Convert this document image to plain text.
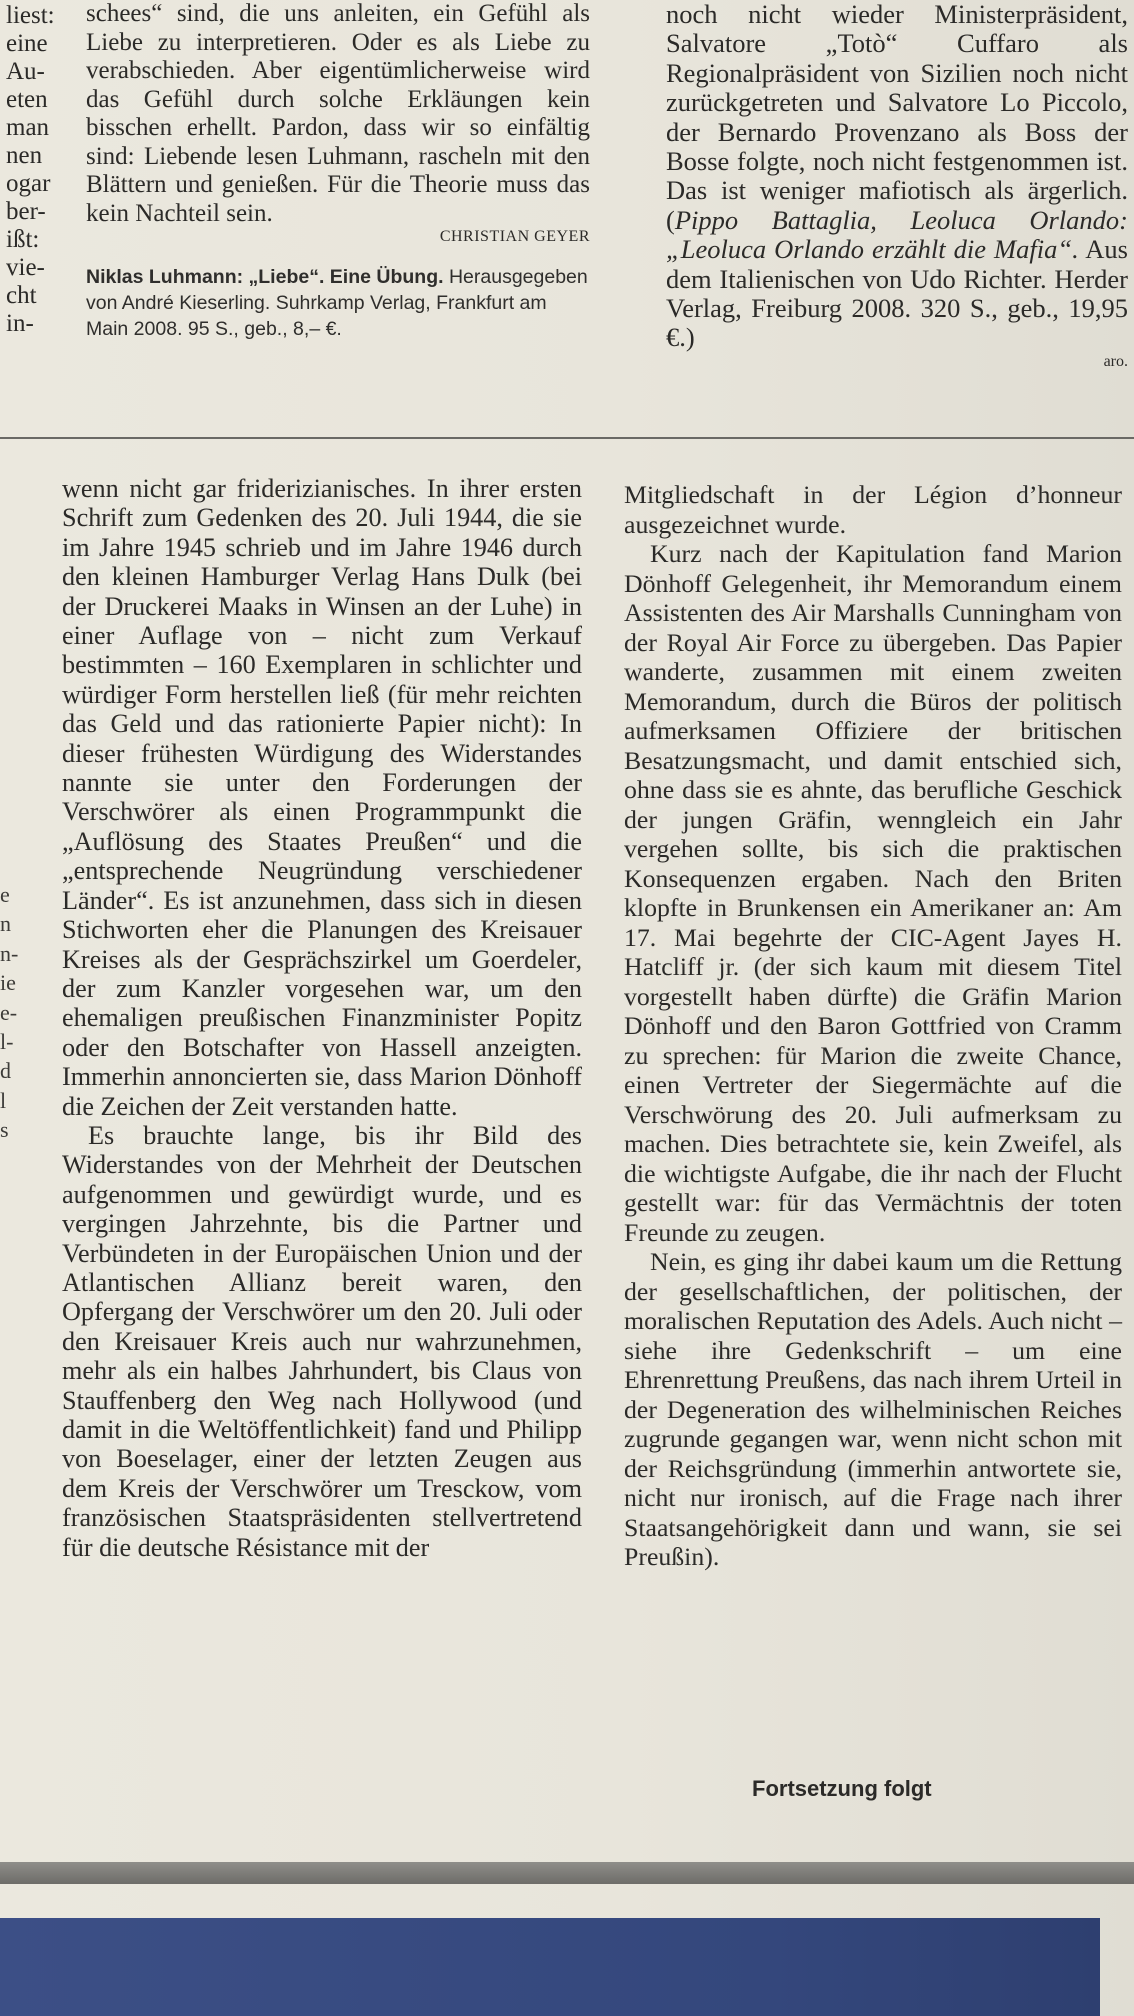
liest:
eine
Au-
eten
man
nen
ogar
ber-
ißt:
vie-
cht
in-

schees“ sind, die uns anleiten, ein Gefühl als Liebe zu interpretieren. Oder es als Liebe zu verabschieden. Aber eigentümlicherweise wird das Gefühl durch solche Erkläungen kein bisschen erhellt. Pardon, dass wir so einfältig sind: Liebende lesen Luhmann, rascheln mit den Blättern und genießen. Für die Theorie muss das kein Nachteil sein.

CHRISTIAN GEYER
Niklas Luhmann: „Liebe“. Eine Übung. Herausgegeben von André Kieserling. Suhrkamp Verlag, Frankfurt am Main 2008. 95 S., geb., 8,– €.

noch nicht wieder Ministerpräsident, Salvatore „Totò“ Cuffaro als Regionalpräsident von Sizilien noch nicht zurückgetreten und Salvatore Lo Piccolo, der Bernardo Provenzano als Boss der Bosse folgte, noch nicht festgenommen ist. Das ist weniger mafiotisch als ärgerlich. (Pippo Battaglia, Leoluca Orlando: „Leoluca Orlando erzählt die Mafia“. Aus dem Italienischen von Udo Richter. Herder Verlag, Freiburg 2008. 320 S., geb., 19,95 €.)

aro.
e
n
n-
ie
e-
l-
d
l
s

wenn nicht gar friderizianisches. In ihrer ersten Schrift zum Gedenken des 20. Juli 1944, die sie im Jahre 1945 schrieb und im Jahre 1946 durch den kleinen Hamburger Verlag Hans Dulk (bei der Druckerei Maaks in Winsen an der Luhe) in einer Auflage von – nicht zum Verkauf bestimmten – 160 Exemplaren in schlichter und würdiger Form herstellen ließ (für mehr reichten das Geld und das rationierte Papier nicht): In dieser frühesten Würdigung des Widerstandes nannte sie unter den Forderungen der Verschwörer als einen Programmpunkt die „Auflösung des Staates Preußen“ und die „entsprechende Neugründung verschiedener Länder“. Es ist anzunehmen, dass sich in diesen Stichworten eher die Planungen des Kreisauer Kreises als der Gesprächszirkel um Goerdeler, der zum Kanzler vorgesehen war, um den ehemaligen preußischen Finanzminister Popitz oder den Botschafter von Hassell anzeigten. Immerhin annoncierten sie, dass Marion Dönhoff die Zeichen der Zeit verstanden hatte.

Es brauchte lange, bis ihr Bild des Widerstandes von der Mehrheit der Deutschen aufgenommen und gewürdigt wurde, und es vergingen Jahrzehnte, bis die Partner und Verbündeten in der Europäischen Union und der Atlantischen Allianz bereit waren, den Opfergang der Verschwörer um den 20. Juli oder den Kreisauer Kreis auch nur wahrzunehmen, mehr als ein halbes Jahrhundert, bis Claus von Stauffenberg den Weg nach Hollywood (und damit in die Weltöffentlichkeit) fand und Philipp von Boeselager, einer der letzten Zeugen aus dem Kreis der Verschwörer um Tresckow, vom französischen Staatspräsidenten stellvertretend für die deutsche Résistance mit der

Mitgliedschaft in der Légion d’honneur ausgezeichnet wurde.

Kurz nach der Kapitulation fand Marion Dönhoff Gelegenheit, ihr Memorandum einem Assistenten des Air Marshalls Cunningham von der Royal Air Force zu übergeben. Das Papier wanderte, zusammen mit einem zweiten Memorandum, durch die Büros der politisch aufmerksamen Offiziere der britischen Besatzungsmacht, und damit entschied sich, ohne dass sie es ahnte, das berufliche Geschick der jungen Gräfin, wenngleich ein Jahr vergehen sollte, bis sich die praktischen Konsequenzen ergaben. Nach den Briten klopfte in Brunkensen ein Amerikaner an: Am 17. Mai begehrte der CIC-Agent Jayes H. Hatcliff jr. (der sich kaum mit diesem Titel vorgestellt haben dürfte) die Gräfin Marion Dönhoff und den Baron Gottfried von Cramm zu sprechen: für Marion die zweite Chance, einen Vertreter der Siegermächte auf die Verschwörung des 20. Juli aufmerksam zu machen. Dies betrachtete sie, kein Zweifel, als die wichtigste Aufgabe, die ihr nach der Flucht gestellt war: für das Vermächtnis der toten Freunde zu zeugen.

Nein, es ging ihr dabei kaum um die Rettung der gesellschaftlichen, der politischen, der moralischen Reputation des Adels. Auch nicht – siehe ihre Gedenkschrift – um eine Ehrenrettung Preußens, das nach ihrem Urteil in der Degeneration des wilhelminischen Reiches zugrunde gegangen war, wenn nicht schon mit der Reichsgründung (immerhin antwortete sie, nicht nur ironisch, auf die Frage nach ihrer Staatsangehörigkeit dann und wann, sie sei Preußin).

Fortsetzung folgt
